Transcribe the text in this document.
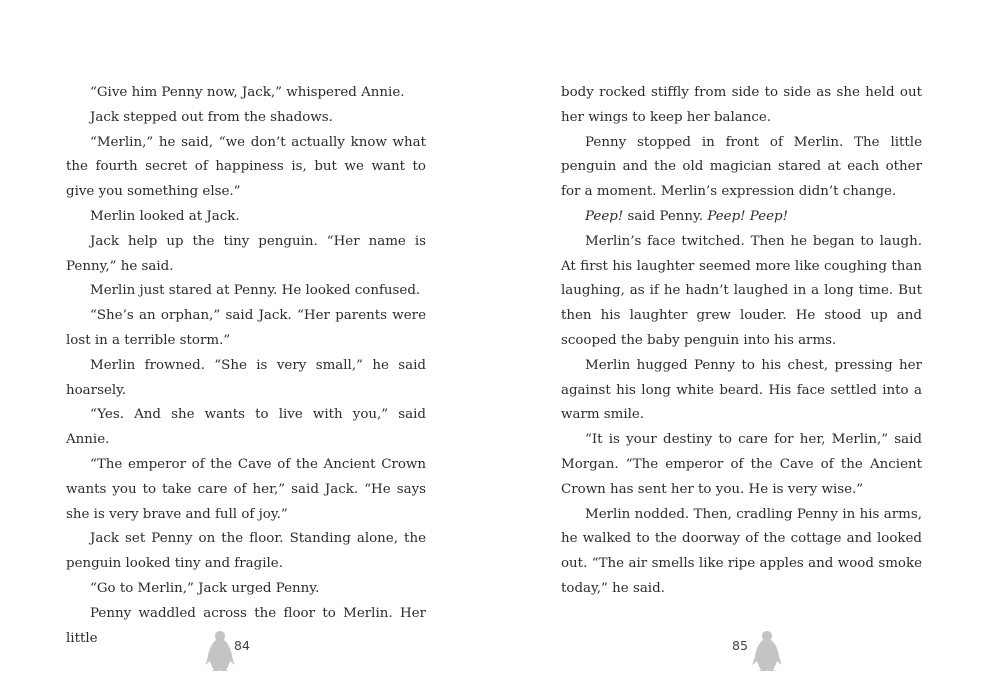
“Give him Penny now, Jack,” whispered Annie.

Jack stepped out from the shadows.

“Merlin,” he said, “we don’t actually know what the fourth secret of happiness is, but we want to give you something else.”

Merlin looked at Jack.

Jack help up the tiny penguin. “Her name is Penny,” he said.

Merlin just stared at Penny. He looked confused.

“She’s an orphan,” said Jack. “Her parents were lost in a terrible storm.”

Merlin frowned. “She is very small,” he said hoarsely.

“Yes. And she wants to live with you,” said Annie.

“The emperor of the Cave of the Ancient Crown wants you to take care of her,” said Jack. “He says she is very brave and full of joy.”

Jack set Penny on the floor. Standing alone, the penguin looked tiny and fragile.

“Go to Merlin,” Jack urged Penny.

Penny waddled across the floor to Merlin. Her little	84

body rocked stiffly from side to side as she held out her wings to keep her balance.

Penny stopped in front of Merlin. The little penguin and the old magician stared at each other for a moment. Merlin’s expression didn’t change.

Peep! said Penny. Peep! Peep!

Merlin’s face twitched. Then he began to laugh. At first his laughter seemed more like coughing than laughing, as if he hadn’t laughed in a long time. But then his laughter grew louder. He stood up and scooped the baby penguin into his arms.

Merlin hugged Penny to his chest, pressing her against his long white beard. His face settled into a warm smile.

“It is your destiny to care for her, Merlin,” said Morgan. “The emperor of the Cave of the Ancient Crown has sent her to you. He is very wise.”

Merlin nodded. Then, cradling Penny in his arms, he walked to the doorway of the cottage and looked out. “The air smells like ripe apples and wood smoke today,” he said.

85
